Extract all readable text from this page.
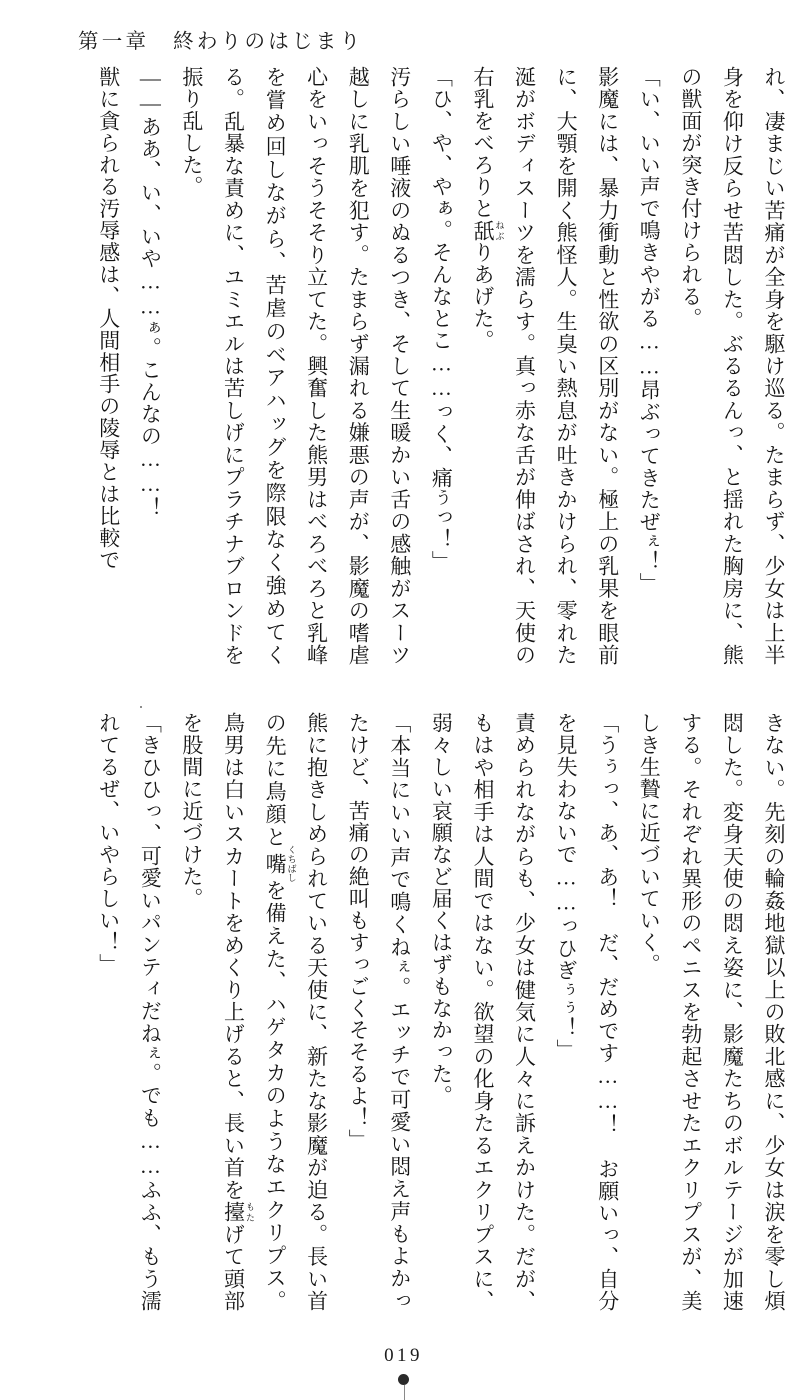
第一章　終わりのはじまり

れ、凄まじい苦痛が全身を駆け巡る。たまらず、少女は上半身を仰け反らせ苦悶した。ぶるるんっ、と揺れた胸房に、熊の獣面が突き付けられる。

「い、いい声で鳴きやがる……昂ぶってきたぜぇ！」

影魔には、暴力衝動と性欲の区別がない。極上の乳果を眼前に、大顎を開く熊怪人。生臭い熱息が吐きかけられ、零れた涎がボディスーツを濡らす。真っ赤な舌が伸ばされ、天使の右乳をべろりと舐 ねぶりあげた。

「ひ、や、やぁ。そんなとこ……っく、痛うっ！」

汚らしい唾液のぬるつき、そして生暖かい舌の感触がスーツ越しに乳肌を犯す。たまらず漏れる嫌悪の声が、影魔の嗜虐心をいっそうそそり立てた。興奮した熊男はべろべろと乳峰を嘗め回しながら、苦虐のベアハッグを際限なく強めてくる。乱暴な責めに、ユミエルは苦しげにプラチナブロンドを振り乱した。

——ああ、い、いや……ぁ。こんなの……！

獣に貪られる汚辱感は、人間相手の陵辱とは比較で

きない。先刻の輪姦地獄以上の敗北感に、少女は涙を零し煩悶した。変身天使の悶え姿に、影魔たちのボルテージが加速する。それぞれ異形のペニスを勃起させたエクリプスが、美しき生贄に近づいていく。

「うぅっ、あ、あ！　だ、だめです……！　お願いっ、自分を見失わないで……っひぎぅぅ！」

責められながらも、少女は健気に人々に訴えかけた。だが、もはや相手は人間ではない。欲望の化身たるエクリプスに、弱々しい哀願など届くはずもなかった。

「本当にいい声で鳴くねぇ。エッチで可愛い悶え声もよかったけど、苦痛の絶叫もすっごくそそるよ！」

熊に抱きしめられている天使に、新たな影魔が迫る。長い首の先に鳥顔と嘴 くちばしを備えた、ハゲタカのようなエクリプス。鳥男は白いスカートをめくり上げると、長い首を擡 もたげて頭部を股間に近づけた。

「きひひっ、可愛いパンティだねぇ。でも……ふふ、もう濡れてるぜ、いやらしい！」

019
